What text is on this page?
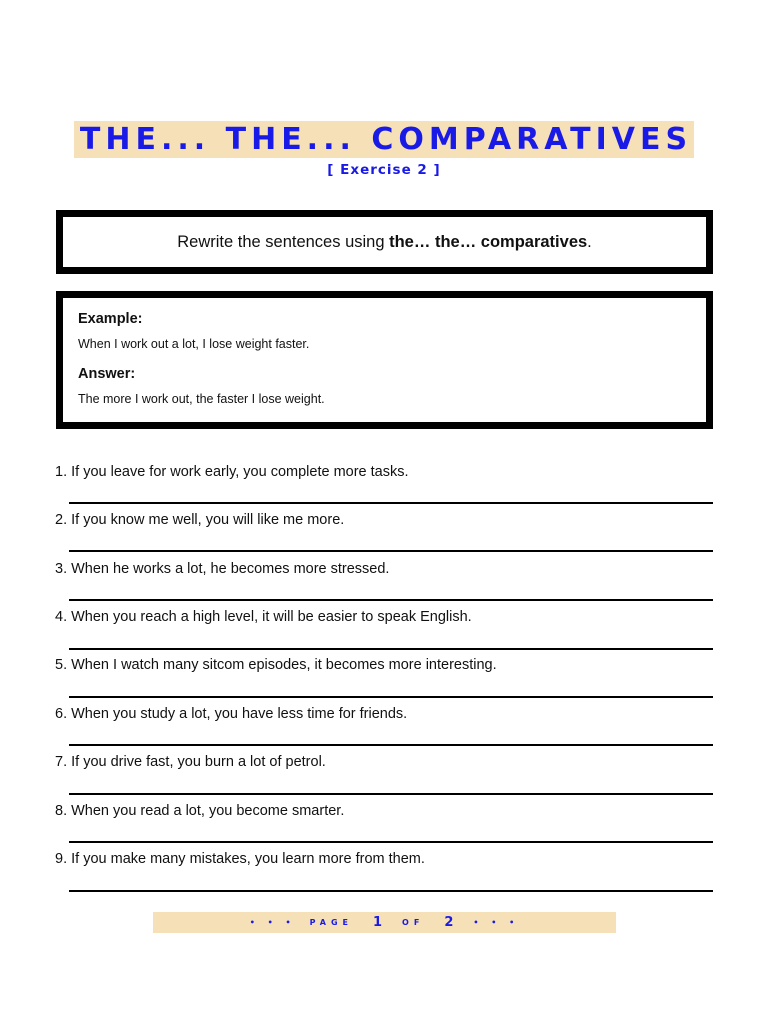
THE... THE... COMPARATIVES
[ Exercise 2 ]
Rewrite the sentences using the… the… comparatives.
Example:
When I work out a lot, I lose weight faster.
Answer:
The more I work out, the faster I lose weight.
1. If you leave for work early, you complete more tasks.
2. If you know me well, you will like me more.
3. When he works a lot, he becomes more stressed.
4. When you reach a high level, it will be easier to speak English.
5. When I watch many sitcom episodes, it becomes more interesting.
6. When you study a lot, you have less time for friends.
7. If you drive fast, you burn a lot of petrol.
8. When you read a lot, you become smarter.
9. If you make many mistakes, you learn more from them.
• • • PAGE 1	OF 2	• • •
